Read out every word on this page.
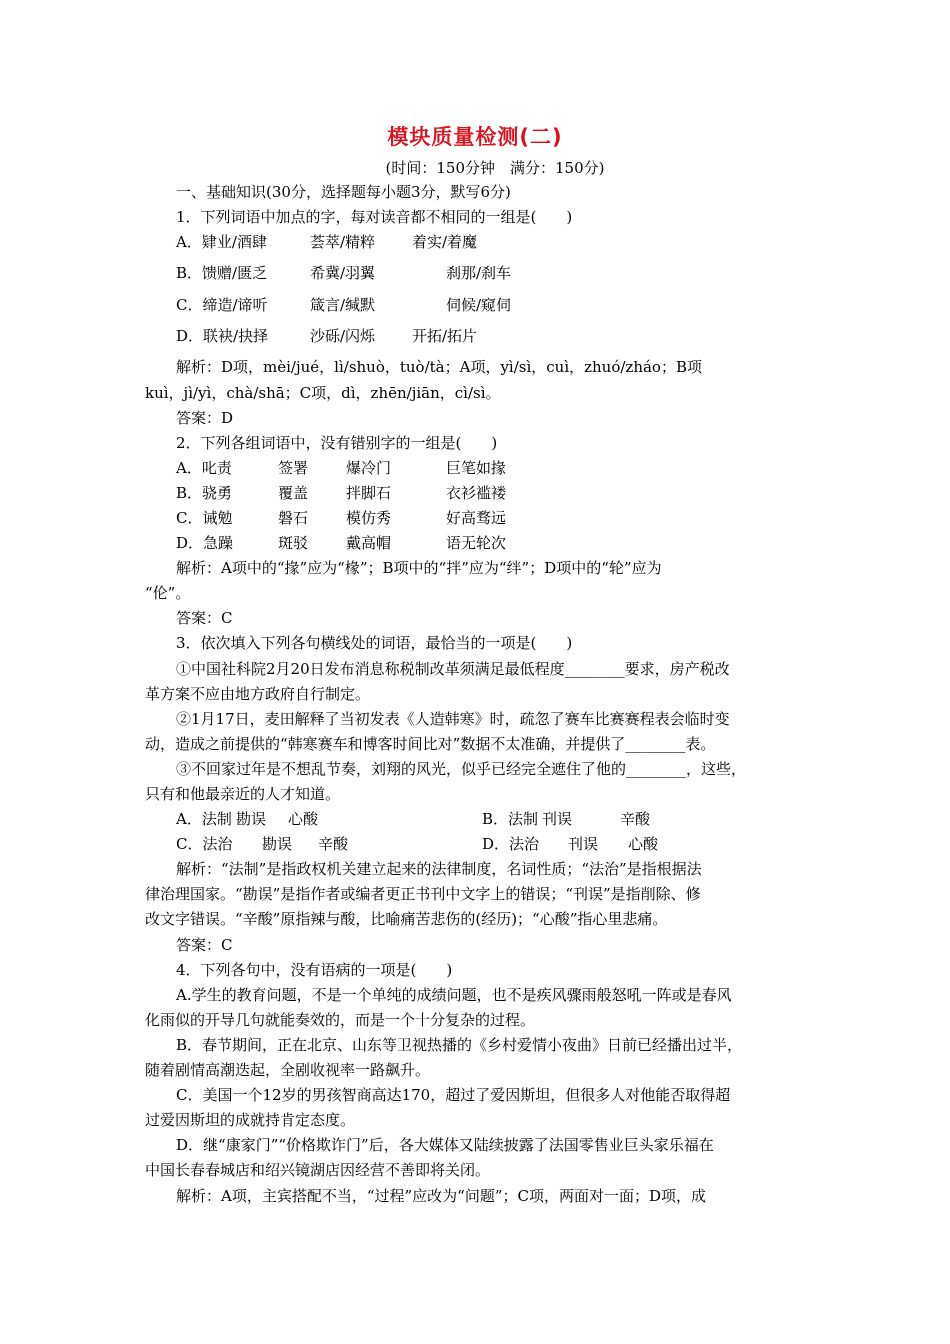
模块质量检测(二)
(时间：150分钟　满分：150分)
一、基础知识(30分，选择题每小题3分，默写6分)
1．下列词语中加点的字，每对读音都不相同的一组是(　　)
A．肄业/酒肆	荟萃/精粹 着实/着魔
B．馈赠/匮乏	希冀/羽翼	刹那/刹车
C．缔造/谛听	箴言/缄默	伺候/窥伺
D．联袂/抉择	沙砾/闪烁 开拓/拓片
解析：D项，mèi/jué，lì/shuò，tuò/tà；A项，yì/sì，cuì，zhuó/zháo；B项
kuì，jì/yì，chà/shā；C项，dì，zhēn/jiān，cì/sì。
答案：D
2．下列各组词语中，没有错别字的一组是(　　)
A．叱责	签署	爆冷门	巨笔如掾
B．骁勇	覆盖	拌脚石	衣衫褴褛
C．诫勉	磐石	模仿秀	好高骛远
D．急躁	斑驳	戴高帽	语无轮次
解析：A项中的“掾”应为“椽”；B项中的“拌”应为“绊”；D项中的“轮”应为
“伦”。
答案：C
3．依次填入下列各句横线处的词语，最恰当的一项是(　　)
①中国社科院2月20日发布消息称税制改革须满足最低程度________要求，房产税改
革方案不应由地方政府自行制定。
②1月17日，麦田解释了当初发表《人造韩寒》时，疏忽了赛车比赛赛程表会临时变
动，造成之前提供的“韩寒赛车和博客时间比对”数据不太准确，并提供了________表。
③不回家过年是不想乱节奏，刘翔的风光，似乎已经完全遮住了他的________，这些，
只有和他最亲近的人才知道。
A．法制 勘误 心酸	B．法制 刊误	辛酸
C．法治 勘误 辛酸	D．法治 刊误 心酸
解析：“法制”是指政权机关建立起来的法律制度，名词性质；“法治”是指根据法
律治理国家。“勘误”是指作者或编者更正书刊中文字上的错误；“刊误”是指削除、修
改文字错误。“辛酸”原指辣与酸，比喻痛苦悲伤的(经历)；“心酸”指心里悲痛。
答案：C
4．下列各句中，没有语病的一项是(　　)
A.学生的教育问题，不是一个单纯的成绩问题，也不是疾风骤雨般怒吼一阵或是春风
化雨似的开导几句就能奏效的，而是一个十分复杂的过程。
B．春节期间，正在北京、山东等卫视热播的《乡村爱情小夜曲》日前已经播出过半，
随着剧情高潮迭起，全剧收视率一路飙升。
C．美国一个12岁的男孩智商高达170，超过了爱因斯坦，但很多人对他能否取得超
过爱因斯坦的成就持肯定态度。
D．继“康家门”“价格欺诈门”后，各大媒体又陆续披露了法国零售业巨头家乐福在
中国长春春城店和绍兴镜湖店因经营不善即将关闭。
解析：A项，主宾搭配不当，“过程”应改为“问题”；C项，两面对一面；D项，成
